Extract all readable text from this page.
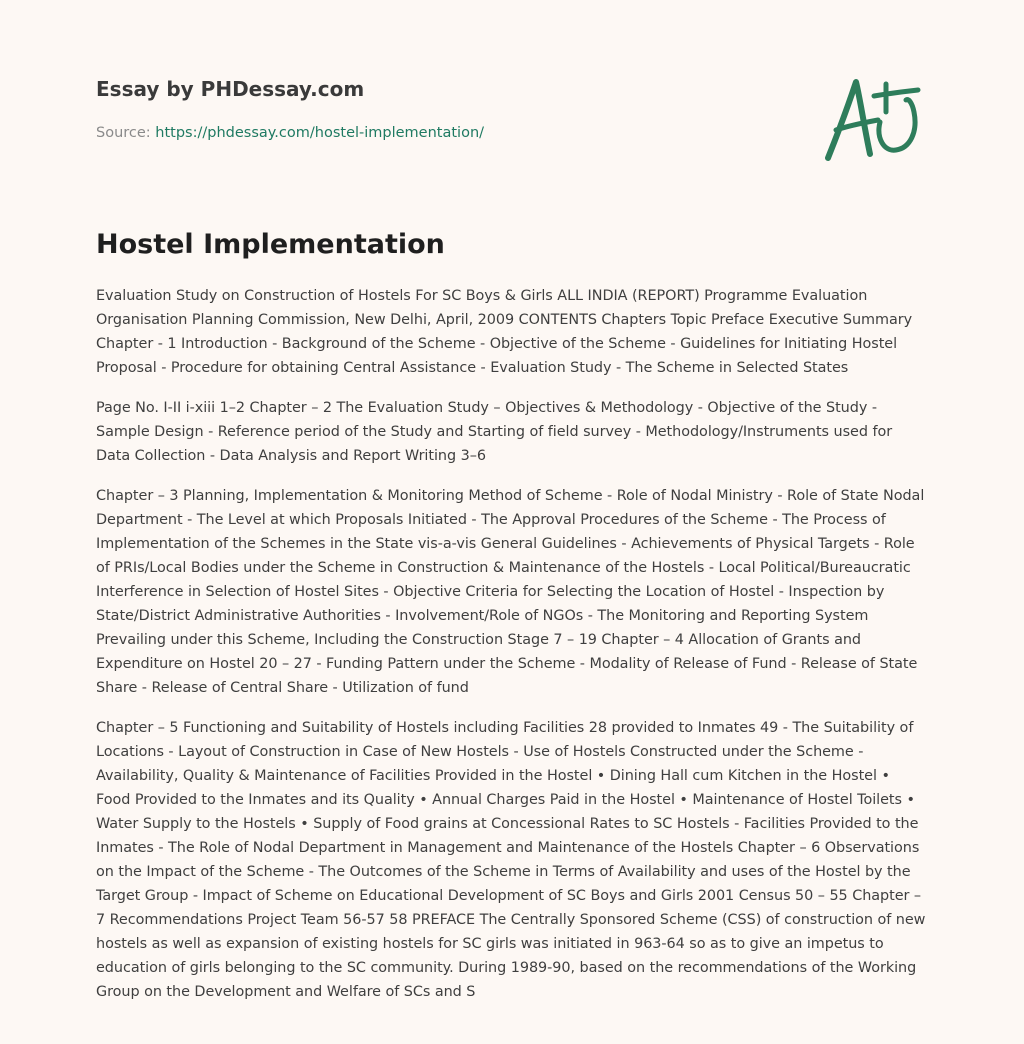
Essay by PHDessay.com
Source: https://phdessay.com/hostel-implementation/
Hostel Implementation

Evaluation Study on Construction of Hostels For SC Boys & Girls ALL INDIA (REPORT) Programme Evaluation Organisation Planning Commission, New Delhi, April, 2009 CONTENTS Chapters Topic Preface Executive Summary Chapter - 1 Introduction - Background of the Scheme - Objective of the Scheme - Guidelines for Initiating Hostel Proposal - Procedure for obtaining Central Assistance - Evaluation Study - The Scheme in Selected States

Page No. I-II i-xiii 1–2 Chapter – 2 The Evaluation Study – Objectives & Methodology - Objective of the Study - Sample Design - Reference period of the Study and Starting of field survey - Methodology/Instruments used for Data Collection - Data Analysis and Report Writing 3–6

Chapter – 3 Planning, Implementation & Monitoring Method of Scheme - Role of Nodal Ministry - Role of State Nodal Department - The Level at which Proposals Initiated - The Approval Procedures of the Scheme - The Process of Implementation of the Schemes in the State vis-a-vis General Guidelines - Achievements of Physical Targets - Role of PRIs/Local Bodies under the Scheme in Construction & Maintenance of the Hostels - Local Political/Bureaucratic Interference in Selection of Hostel Sites - Objective Criteria for Selecting the Location of Hostel - Inspection by State/District Administrative Authorities - Involvement/Role of NGOs - The Monitoring and Reporting System Prevailing under this Scheme, Including the Construction Stage 7 – 19 Chapter – 4 Allocation of Grants and Expenditure on Hostel 20 – 27 - Funding Pattern under the Scheme - Modality of Release of Fund - Release of State Share - Release of Central Share - Utilization of fund

Chapter – 5 Functioning and Suitability of Hostels including Facilities 28 provided to Inmates 49 - The Suitability of Locations - Layout of Construction in Case of New Hostels - Use of Hostels Constructed under the Scheme - Availability, Quality & Maintenance of Facilities Provided in the Hostel • Dining Hall cum Kitchen in the Hostel • Food Provided to the Inmates and its Quality • Annual Charges Paid in the Hostel • Maintenance of Hostel Toilets • Water Supply to the Hostels • Supply of Food grains at Concessional Rates to SC Hostels - Facilities Provided to the Inmates - The Role of Nodal Department in Management and Maintenance of the Hostels Chapter – 6 Observations on the Impact of the Scheme - The Outcomes of the Scheme in Terms of Availability and uses of the Hostel by the Target Group - Impact of Scheme on Educational Development of SC Boys and Girls 2001 Census 50 – 55 Chapter – 7 Recommendations Project Team 56-57 58 PREFACE The Centrally Sponsored Scheme (CSS) of construction of new hostels as well as expansion of existing hostels for SC girls was initiated in 963-64 so as to give an impetus to education of girls belonging to the SC community. During 1989-90, based on the recommendations of the Working Group on the Development and Welfare of SCs and S
